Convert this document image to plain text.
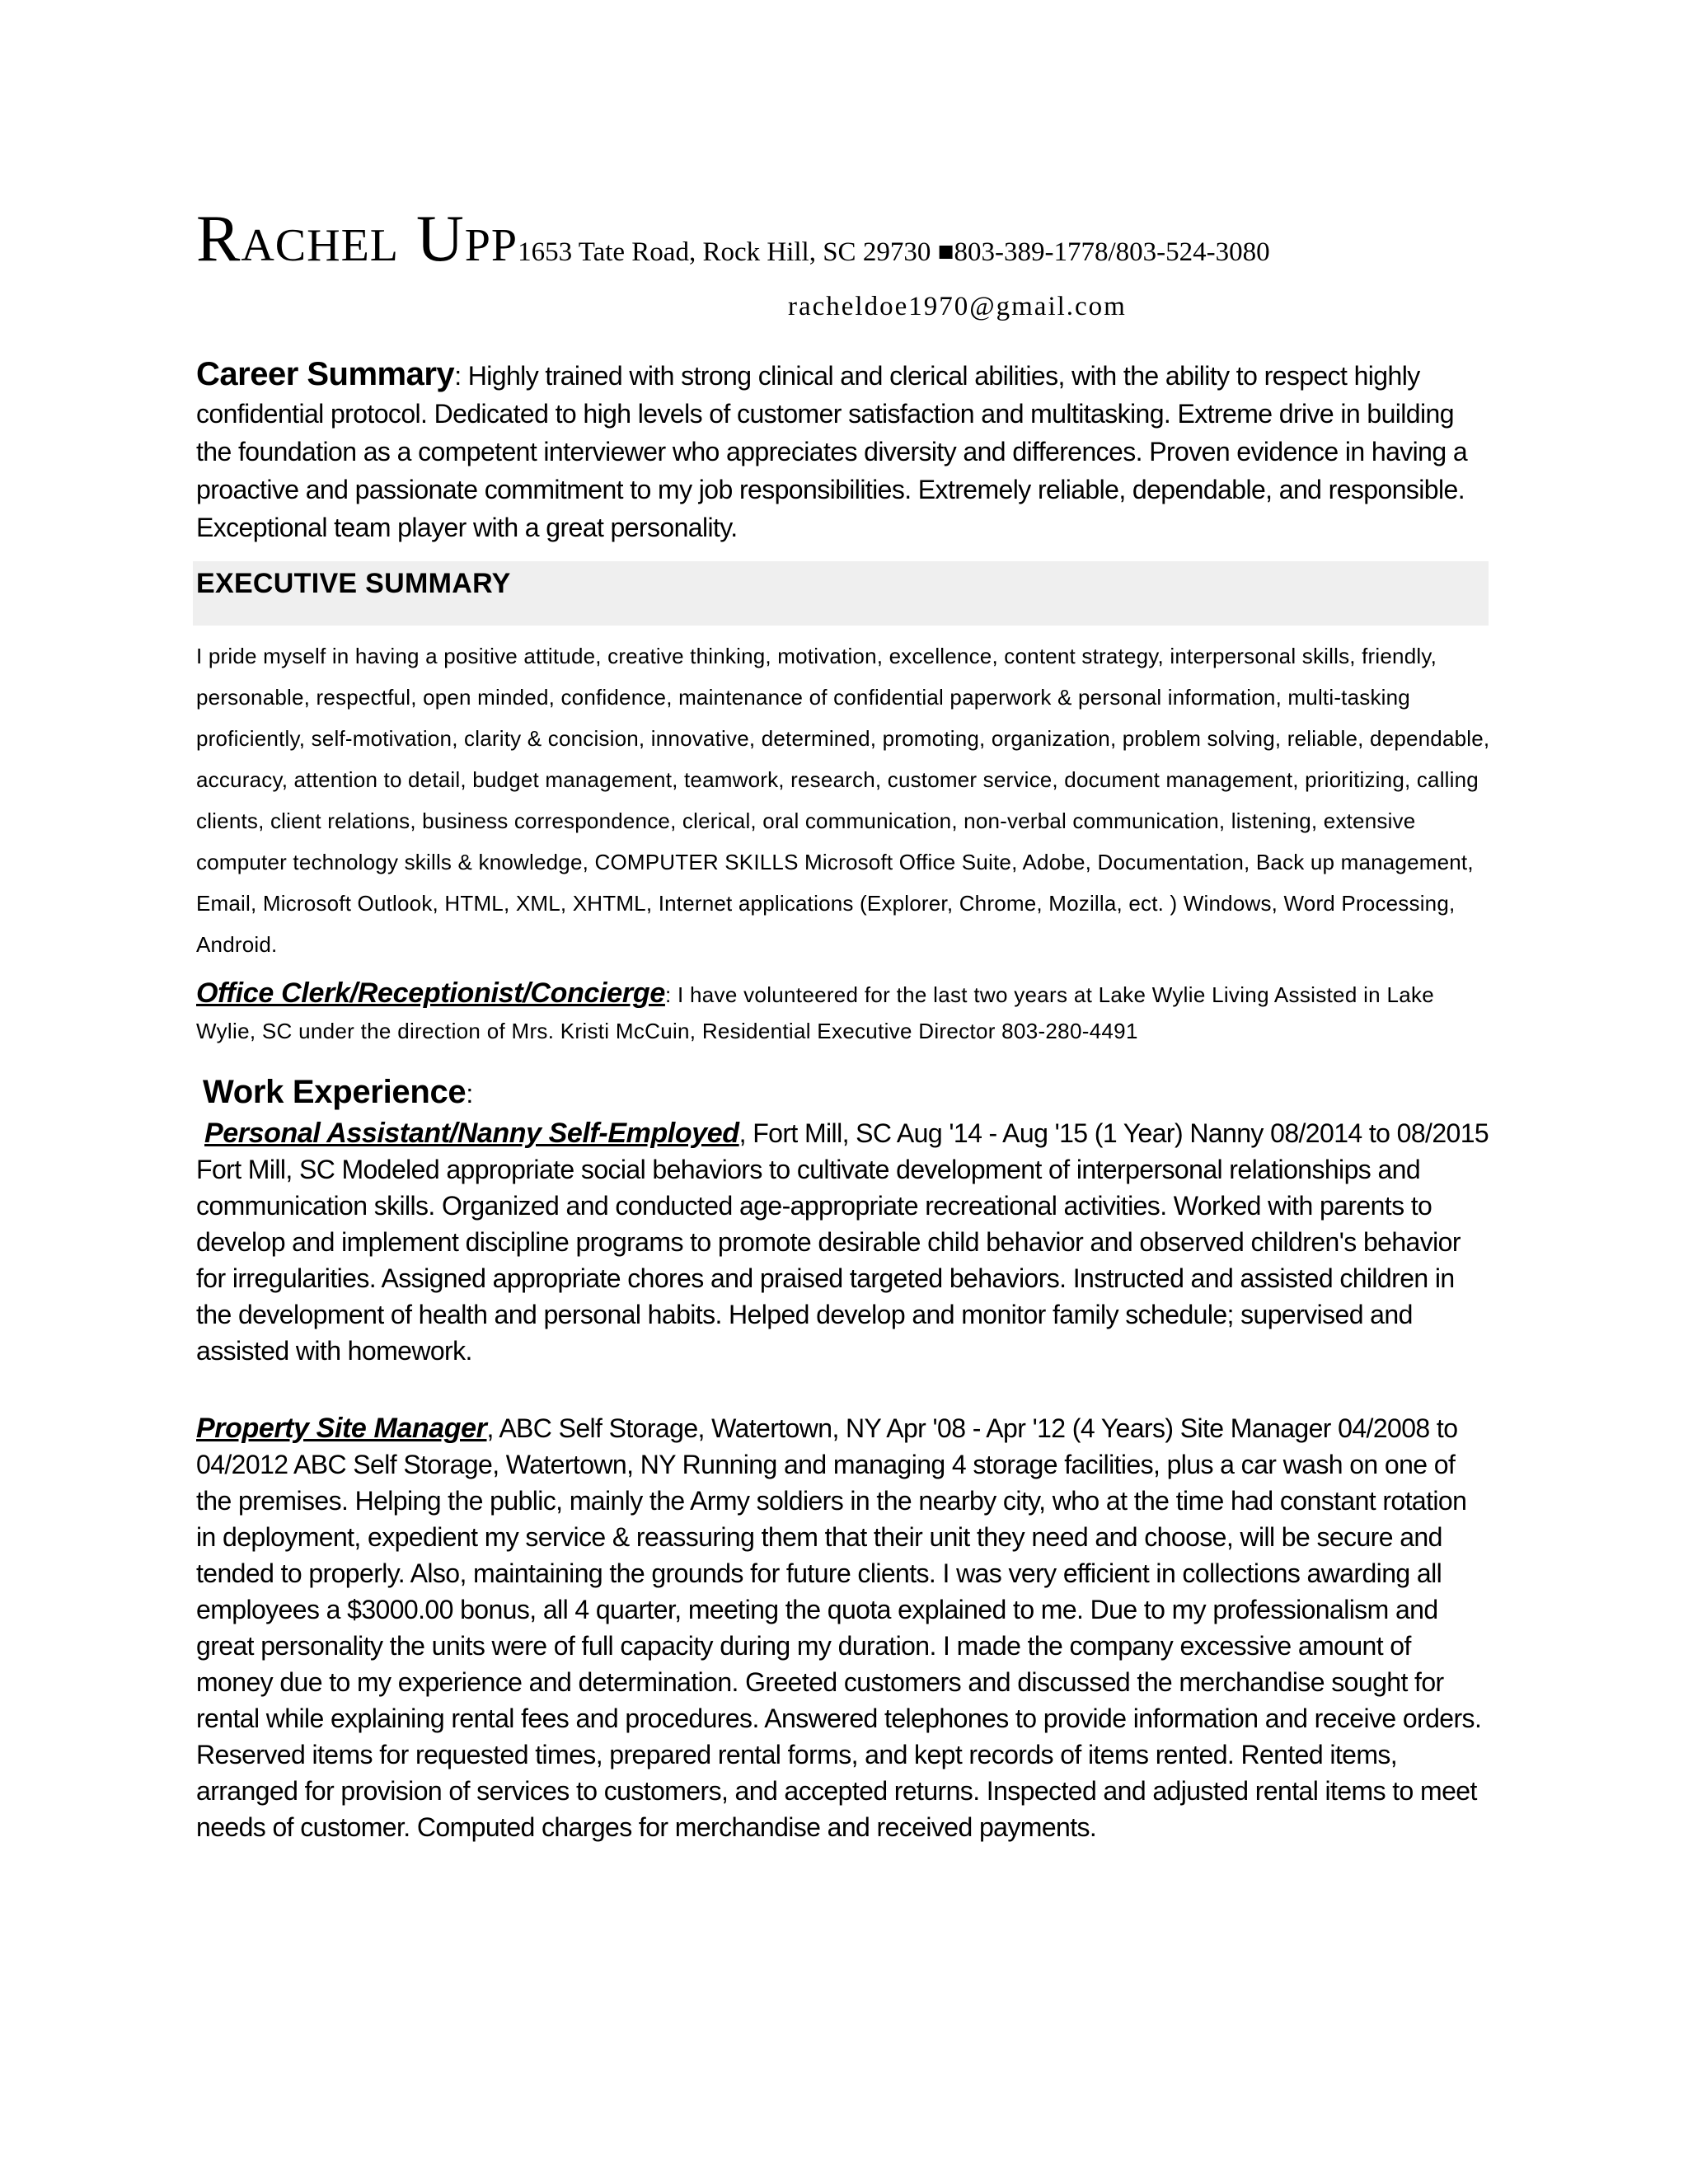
Rachel Upp1653 Tate Road, Rock Hill, SC 29730 ■803-389-1778/803-524-3080
racheldoe1970@gmail.com
Career Summary: Highly trained with strong clinical and clerical abilities, with the ability to respect highly confidential protocol. Dedicated to high levels of customer satisfaction and multitasking. Extreme drive in building the foundation as a competent interviewer who appreciates diversity and differences. Proven evidence in having a proactive and passionate commitment to my job responsibilities. Extremely reliable, dependable, and responsible. Exceptional team player with a great personality.
EXECUTIVE SUMMARY
I pride myself in having a positive attitude, creative thinking, motivation, excellence, content strategy, interpersonal skills, friendly, personable, respectful, open minded, confidence, maintenance of confidential paperwork & personal information, multi-tasking proficiently, self-motivation, clarity & concision, innovative, determined, promoting, organization, problem solving, reliable, dependable, accuracy, attention to detail, budget management, teamwork, research, customer service, document management, prioritizing, calling clients, client relations, business correspondence, clerical, oral communication, non-verbal communication, listening, extensive computer technology skills & knowledge, COMPUTER SKILLS Microsoft Office Suite, Adobe, Documentation, Back up management, Email, Microsoft Outlook, HTML, XML, XHTML, Internet applications (Explorer, Chrome, Mozilla, ect. ) Windows, Word Processing, Android.
Office Clerk/Receptionist/Concierge: I have volunteered for the last two years at Lake Wylie Living Assisted in Lake Wylie, SC under the direction of Mrs. Kristi McCuin, Residential Executive Director 803-280-4491
Work Experience:
Personal Assistant/Nanny Self-Employed, Fort Mill, SC Aug '14 - Aug '15 (1 Year) Nanny 08/2014 to 08/2015 Fort Mill, SC Modeled appropriate social behaviors to cultivate development of interpersonal relationships and communication skills. Organized and conducted age-appropriate recreational activities. Worked with parents to develop and implement discipline programs to promote desirable child behavior and observed children's behavior for irregularities. Assigned appropriate chores and praised targeted behaviors. Instructed and assisted children in the development of health and personal habits. Helped develop and monitor family schedule; supervised and assisted with homework.
Property Site Manager, ABC Self Storage, Watertown, NY Apr '08 - Apr '12 (4 Years) Site Manager 04/2008 to 04/2012 ABC Self Storage, Watertown, NY Running and managing 4 storage facilities, plus a car wash on one of the premises. Helping the public, mainly the Army soldiers in the nearby city, who at the time had constant rotation in deployment, expedient my service & reassuring them that their unit they need and choose, will be secure and tended to properly. Also, maintaining the grounds for future clients. I was very efficient in collections awarding all employees a $3000.00 bonus, all 4 quarter, meeting the quota explained to me. Due to my professionalism and great personality the units were of full capacity during my duration. I made the company excessive amount of money due to my experience and determination. Greeted customers and discussed the merchandise sought for rental while explaining rental fees and procedures. Answered telephones to provide information and receive orders. Reserved items for requested times, prepared rental forms, and kept records of items rented. Rented items, arranged for provision of services to customers, and accepted returns. Inspected and adjusted rental items to meet needs of customer. Computed charges for merchandise and received payments.
